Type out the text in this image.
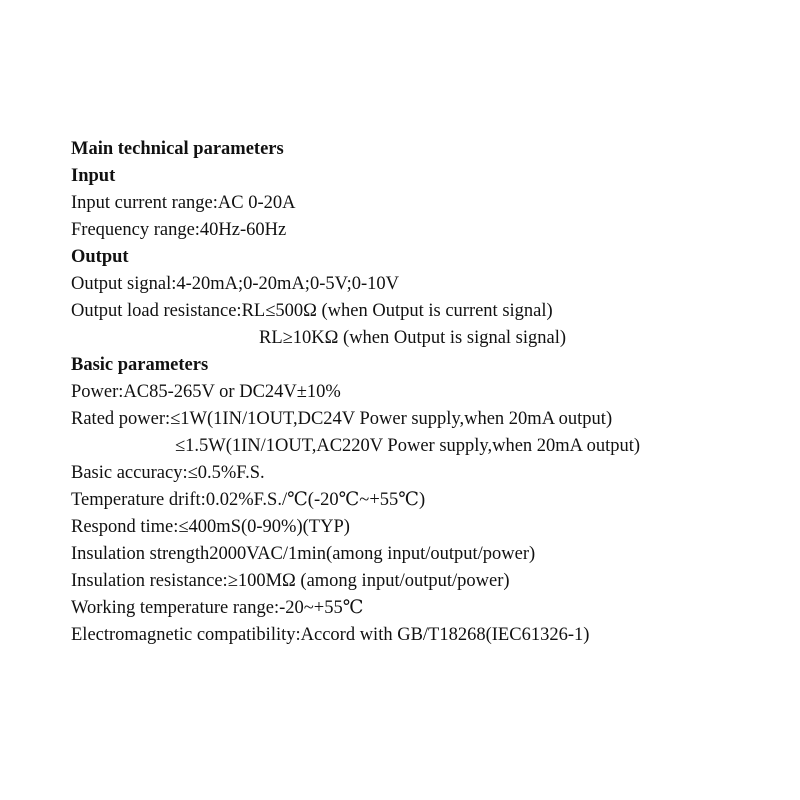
Main technical parameters
Input
Input current range:AC 0-20A
Frequency range:40Hz-60Hz
Output
Output signal:4-20mA;0-20mA;0-5V;0-10V
Output load resistance:RL≤500Ω (when Output is current signal)
RL≥10KΩ (when Output is signal signal)
Basic parameters
Power:AC85-265V or DC24V±10%
Rated power:≤1W(1IN/1OUT,DC24V Power supply,when 20mA output)
≤1.5W(1IN/1OUT,AC220V Power supply,when 20mA output)
Basic accuracy:≤0.5%F.S.
Temperature drift:0.02%F.S./℃(-20℃~+55℃)
Respond time:≤400mS(0-90%)(TYP)
Insulation strength2000VAC/1min(among input/output/power)
Insulation resistance:≥100MΩ (among input/output/power)
Working temperature range:-20~+55℃
Electromagnetic compatibility:Accord with GB/T18268(IEC61326-1)
